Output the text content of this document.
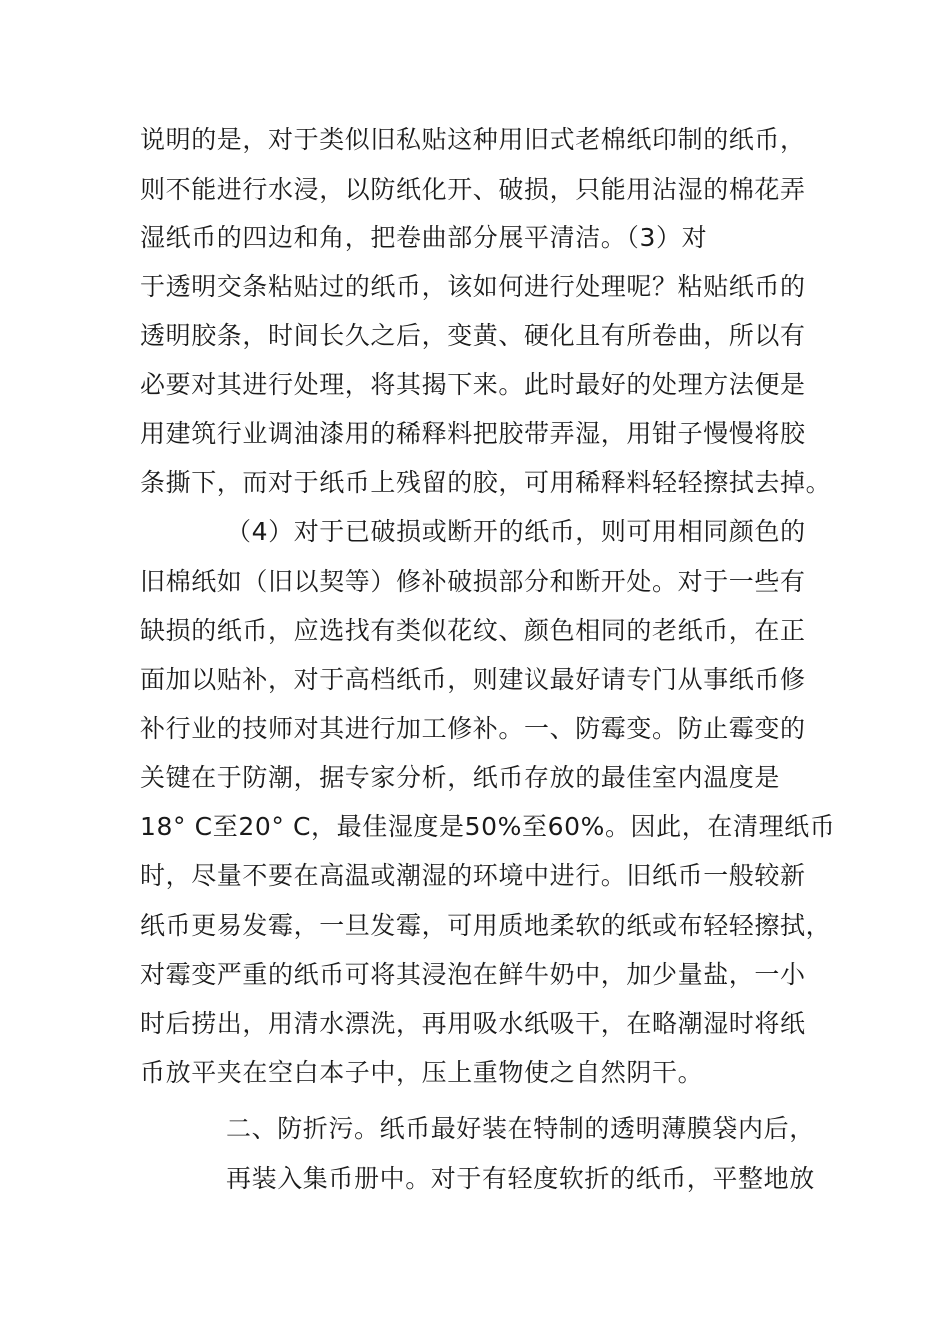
说明的是，对于类似旧私贴这种用旧式老棉纸印制的纸币，
则不能进行水浸，以防纸化开、破损，只能用沾湿的棉花弄
湿纸币的四边和角，把卷曲部分展平清洁。（3）对
于透明交条粘贴过的纸币，该如何进行处理呢？粘贴纸币的
透明胶条，时间长久之后，变黄、硬化且有所卷曲，所以有
必要对其进行处理，将其揭下来。此时最好的处理方法便是
用建筑行业调油漆用的稀释料把胶带弄湿，用钳子慢慢将胶
条撕下，而对于纸币上残留的胶，可用稀释料轻轻擦拭去掉。
（4）对于已破损或断开的纸币，则可用相同颜色的
旧棉纸如（旧以契等）修补破损部分和断开处。对于一些有
缺损的纸币，应选找有类似花纹、颜色相同的老纸币，在正
面加以贴补，对于高档纸币，则建议最好请专门从事纸币修
补行业的技师对其进行加工修补。一、防霉变。防止霉变的
关键在于防潮，据专家分析，纸币存放的最佳室内温度是
18° C至20° C，最佳湿度是50%至60%。因此，在清理纸币
时，尽量不要在高温或潮湿的环境中进行。旧纸币一般较新
纸币更易发霉，一旦发霉，可用质地柔软的纸或布轻轻擦拭，
对霉变严重的纸币可将其浸泡在鲜牛奶中，加少量盐，一小
时后捞出，用清水漂洗，再用吸水纸吸干，在略潮湿时将纸
币放平夹在空白本子中，压上重物使之自然阴干。
二、防折污。纸币最好装在特制的透明薄膜袋内后，
再装入集币册中。对于有轻度软折的纸币，平整地放
